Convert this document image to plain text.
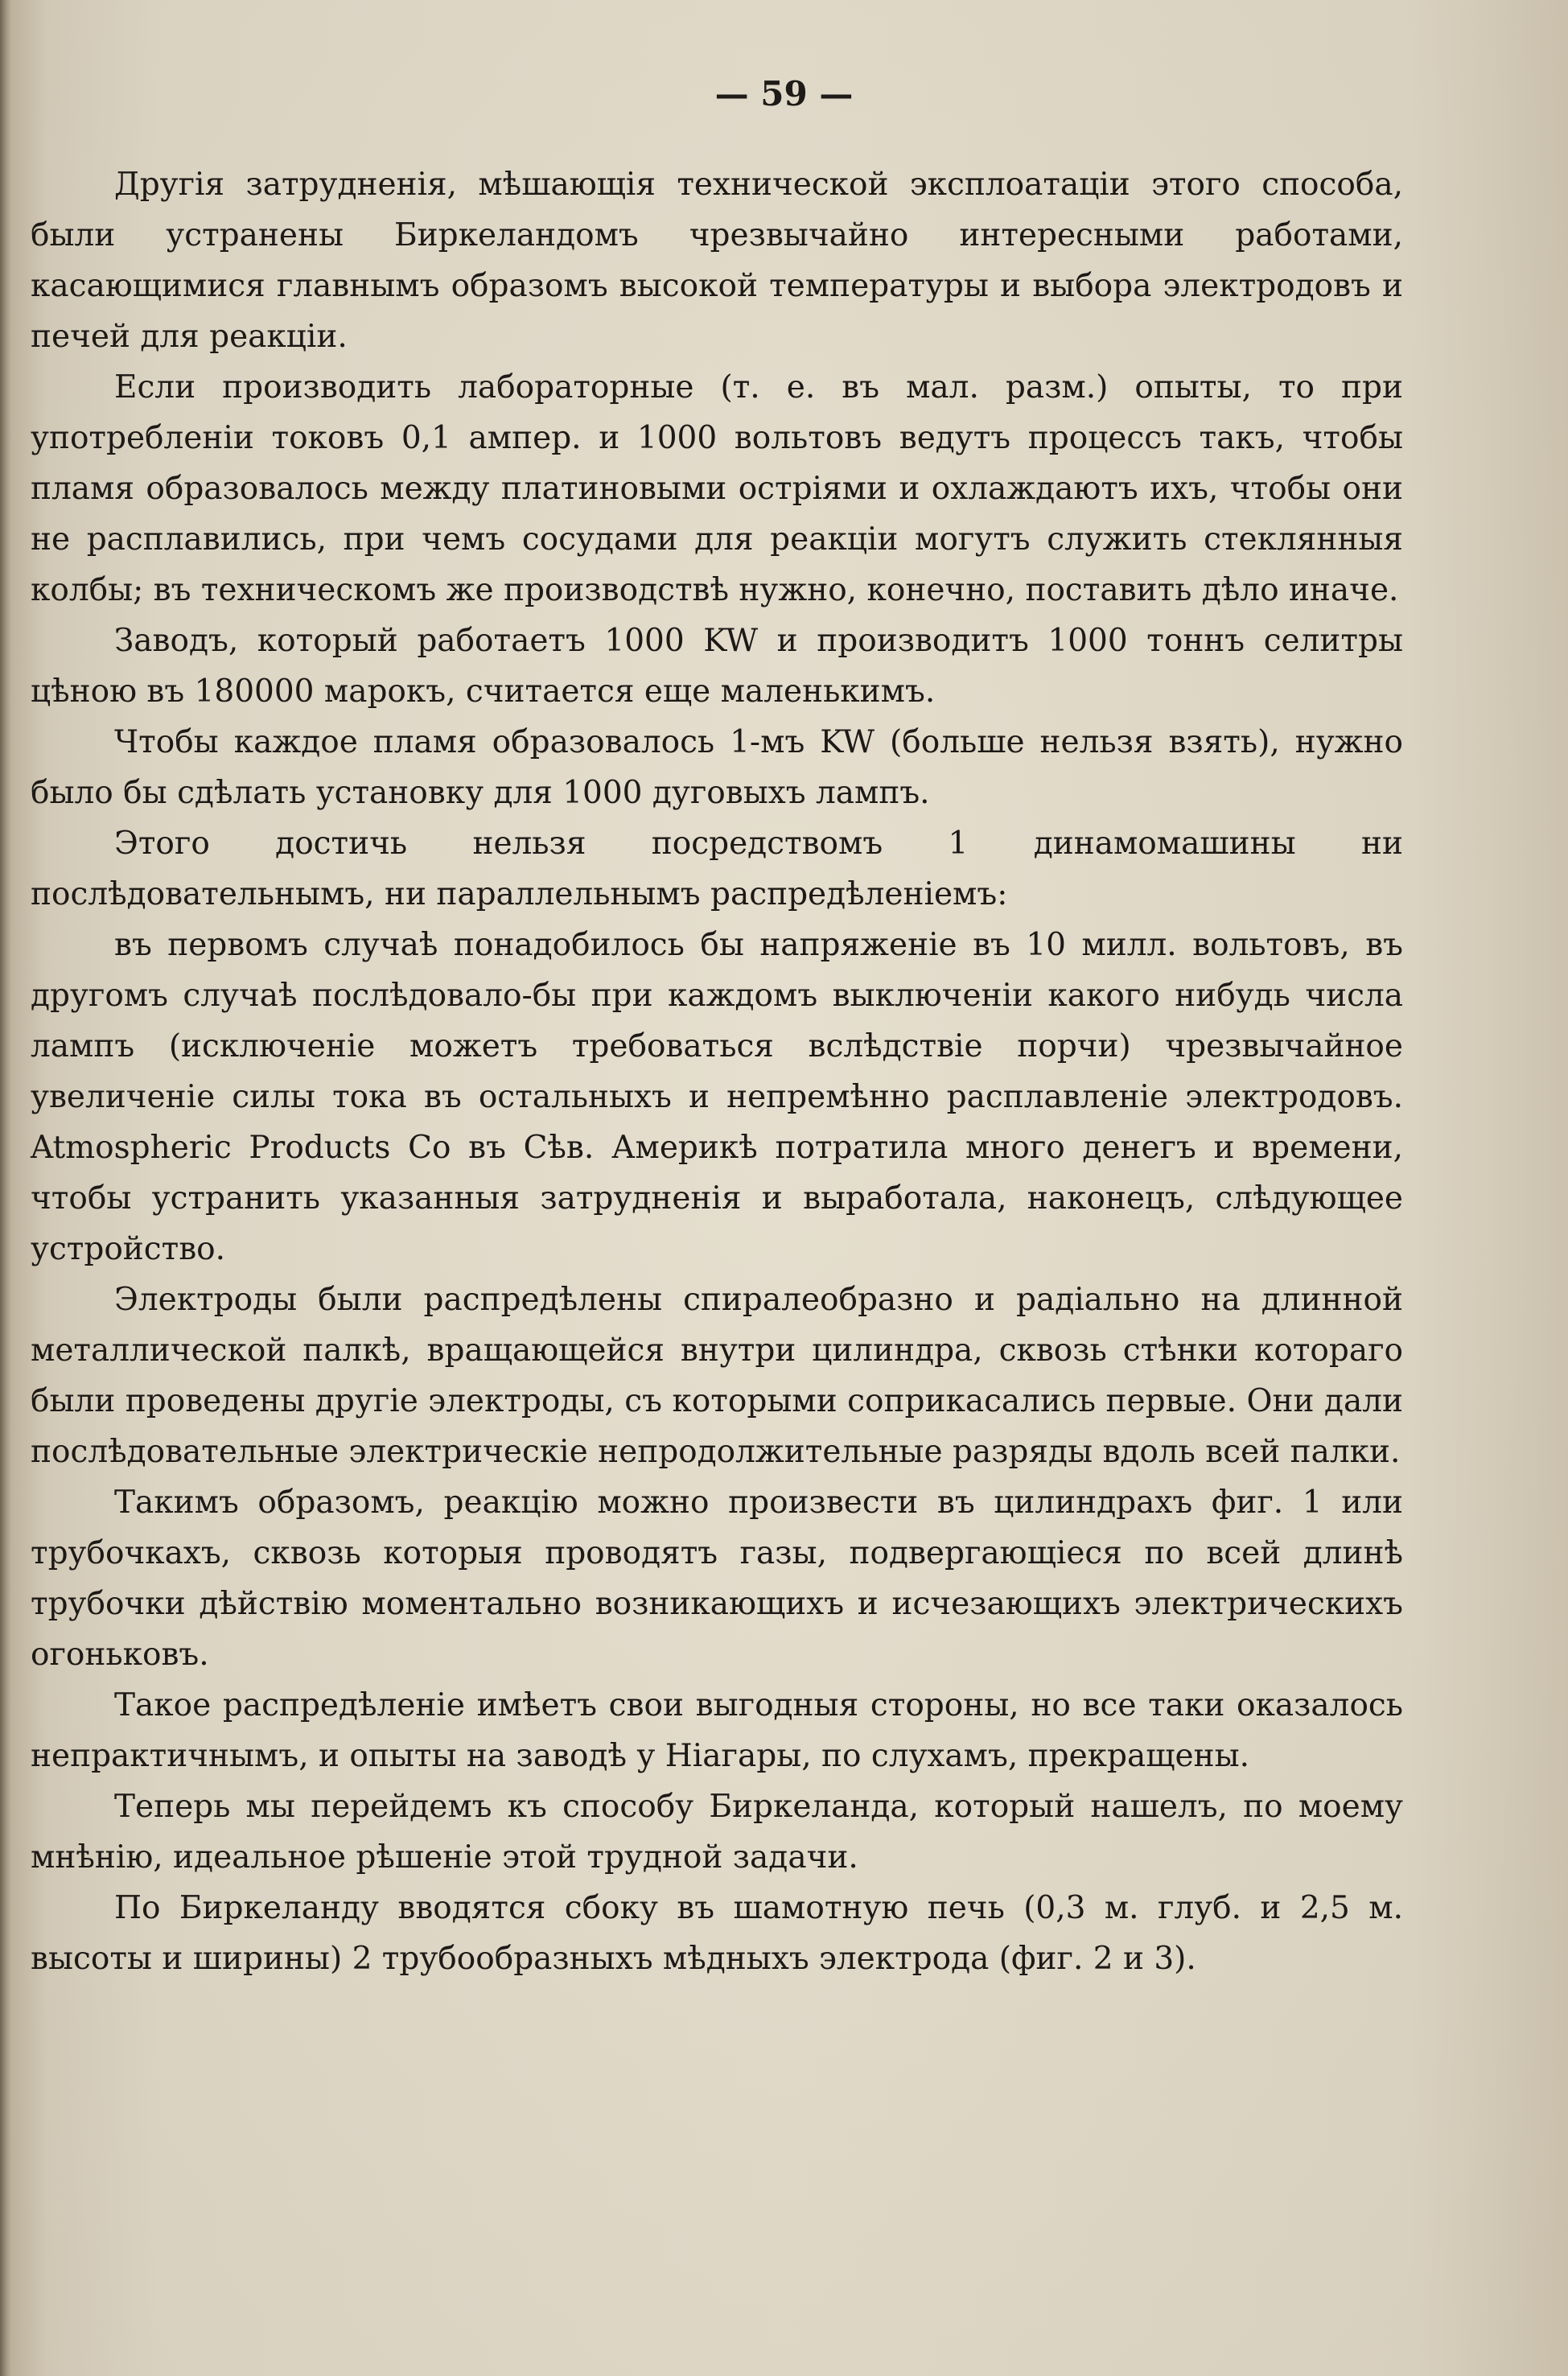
— 59 —

Другія затрудненія, мѣшающія технической эксплоатаціи этого способа, были устранены Биркеландомъ чрезвычайно интересными работами, касающимися главнымъ образомъ высокой температуры и выбора электродовъ и печей для реакціи.

Если производить лабораторные (т. е. въ мал. разм.) опыты, то при употребленіи токовъ 0,1 ампер. и 1000 вольтовъ ведутъ процессъ такъ, чтобы пламя образовалось между платиновыми остріями и охлаждаютъ ихъ, чтобы они не расплавились, при чемъ сосудами для реакціи могутъ служить стеклянныя колбы; въ техническомъ же производствѣ нужно, конечно, поставить дѣло иначе.

Заводъ, который работаетъ 1000 KW и производитъ 1000 тоннъ селитры цѣною въ 180000 марокъ, считается еще маленькимъ.

Чтобы каждое пламя образовалось 1-мъ KW (больше нельзя взять), нужно было бы сдѣлать установку для 1000 дуговыхъ лампъ.

Этого достичь нельзя посредствомъ 1 динамомашины ни послѣдовательнымъ, ни параллельнымъ распредѣленіемъ:

въ первомъ случаѣ понадобилось бы напряженіе въ 10 милл. вольтовъ, въ другомъ случаѣ послѣдовало-бы при каждомъ выключеніи какого нибудь числа лампъ (исключеніе можетъ требоваться вслѣдствіе порчи) чрезвычайное увеличеніе силы тока въ остальныхъ и непремѣнно расплавленіе электродовъ. Atmospheric Products Co въ Сѣв. Америкѣ потратила много денегъ и времени, чтобы устранить указанныя затрудненія и выработала, наконецъ, слѣдующее устройство.

Электроды были распредѣлены спиралеобразно и радіально на длинной металлической палкѣ, вращающейся внутри цилиндра, сквозь стѣнки котораго были проведены другіе электроды, съ которыми соприкасались первые. Они дали послѣдовательные электрическіе непродолжительные разряды вдоль всей палки.

Такимъ образомъ, реакцію можно произвести въ цилиндрахъ фиг. 1 или трубочкахъ, сквозь которыя проводятъ газы, подвергающіеся по всей длинѣ трубочки дѣйствію моментально возникающихъ и исчезающихъ электрическихъ огоньковъ.

Такое распредѣленіе имѣетъ свои выгодныя стороны, но все таки оказалось непрактичнымъ, и опыты на заводѣ у Ніагары, по слухамъ, прекращены.

Теперь мы перейдемъ къ способу Биркеланда, который нашелъ, по моему мнѣнію, идеальное рѣшеніе этой трудной задачи.

По Биркеланду вводятся сбоку въ шамотную печь (0,3 м. глуб. и 2,5 м. высоты и ширины) 2 трубообразныхъ мѣдныхъ электрода (фиг. 2 и 3).
